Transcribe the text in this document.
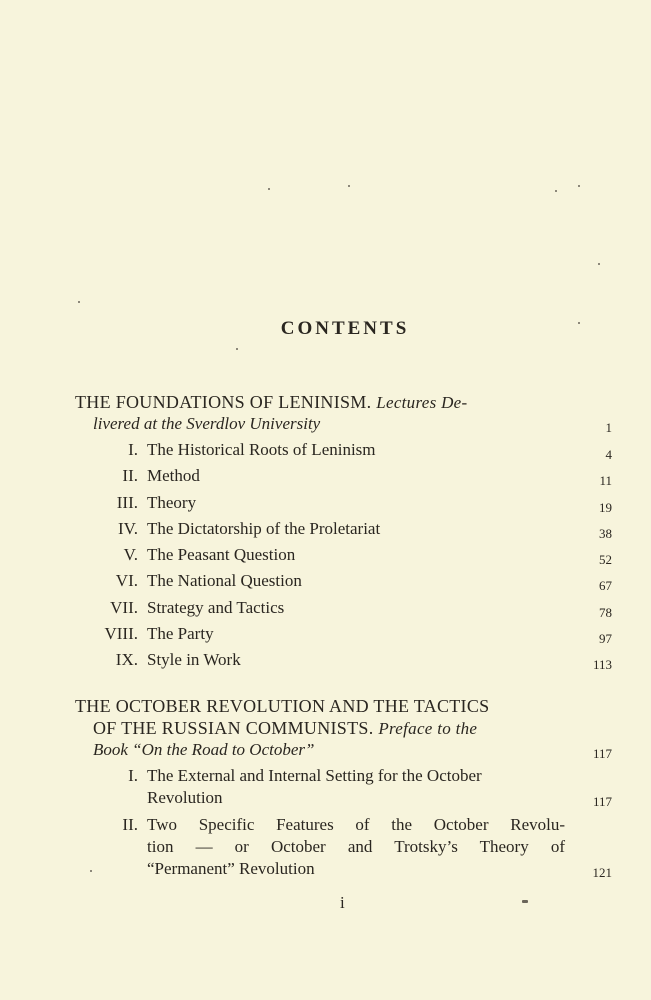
CONTENTS
THE FOUNDATIONS OF LENINISM. Lectures De-
livered at the Sverdlov University	1
I. The Historical Roots of Leninism	4
II. Method	11
III. Theory	19
IV. The Dictatorship of the Proletariat	38
V. The Peasant Question	52
VI. The National Question	67
VII. Strategy and Tactics	78
VIII. The Party	97
IX. Style in Work	113
THE OCTOBER REVOLUTION AND THE TACTICS
OF THE RUSSIAN COMMUNISTS. Preface to the
Book “On the Road to October”	117
I. The External and Internal Setting for the October
Revolution	117
II. Two Specific Features of the October Revolu-
tion — or October and Trotsky’s Theory of
“Permanent” Revolution	121
i
